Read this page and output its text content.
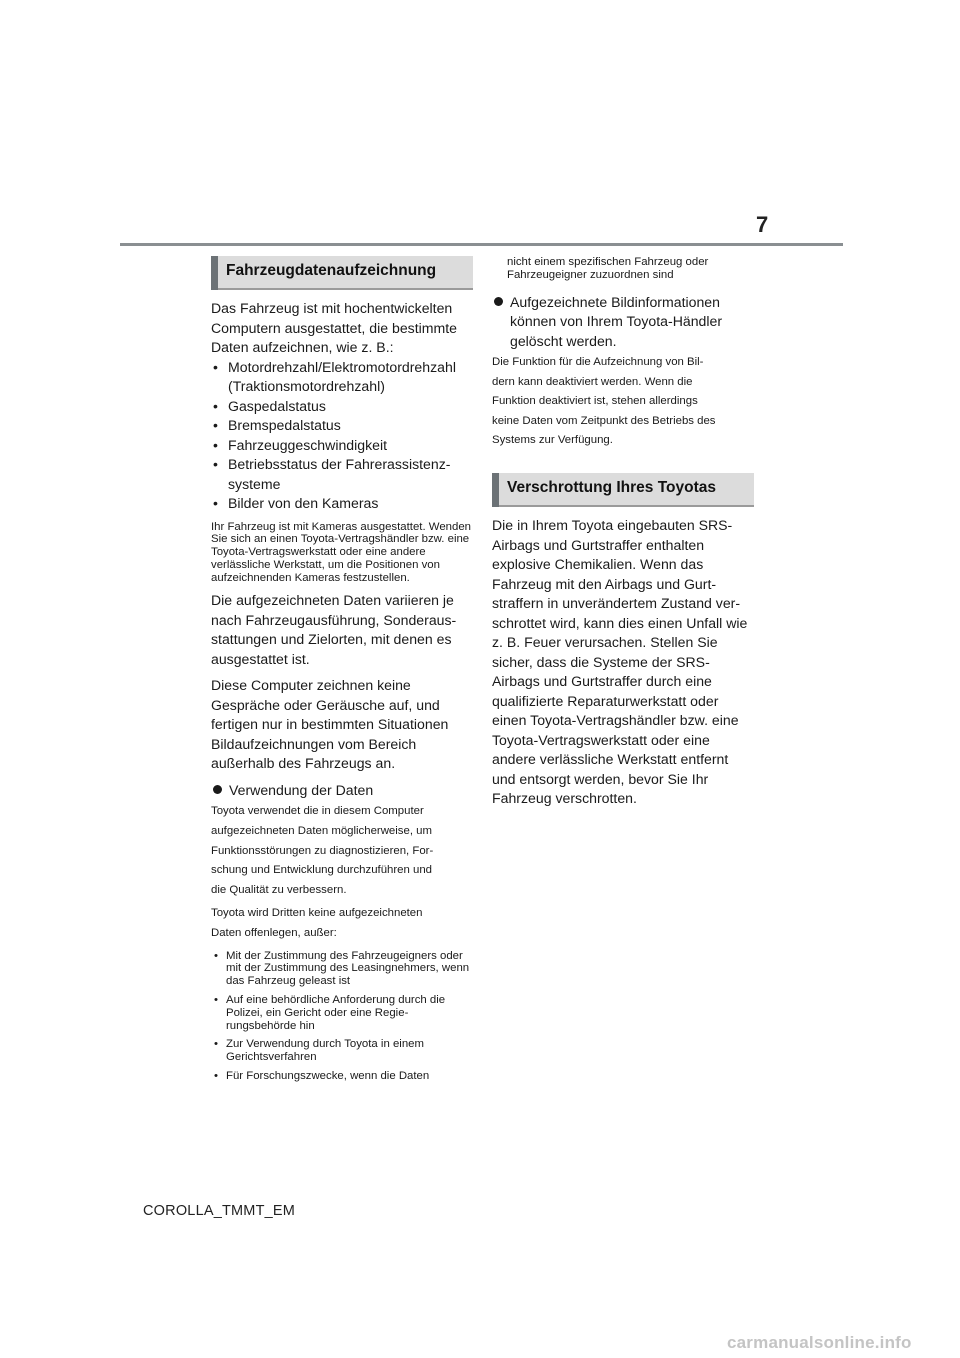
7
Fahrzeugdatenaufzeichnung

Das Fahrzeug ist mit hochentwickelten Computern ausgestattet, die bestimmte Daten aufzeichnen, wie z. B.:

• Motordrehzahl/Elektromotordrehzahl (Traktionsmotordrehzahl)
• Gaspedalstatus
• Bremspedalstatus
• Fahrzeuggeschwindigkeit
• Betriebsstatus der Fahrerassistenzsysteme
• Bilder von den Kameras

Ihr Fahrzeug ist mit Kameras ausgestattet. Wenden Sie sich an einen Toyota-Vertragshändler bzw. eine Toyota-Vertragswerkstatt oder eine andere verlässliche Werkstatt, um die Positionen von aufzeichnenden Kameras festzustellen.

Die aufgezeichneten Daten variieren je nach Fahrzeugausführung, Sonderausstattungen und Zielorten, mit denen es ausgestattet ist.

Diese Computer zeichnen keine Gespräche oder Geräusche auf, und fertigen nur in bestimmten Situationen Bildaufzeichnungen vom Bereich außerhalb des Fahrzeugs an.

Verwendung der Daten
Toyota verwendet die in diesem Computer
aufgezeichneten Daten möglicherweise, um
Funktionsstörungen zu diagnostizieren, For-
schung und Entwicklung durchzuführen und
die Qualität zu verbessern.
Toyota wird Dritten keine aufgezeichneten
Daten offenlegen, außer:
• Mit der Zustimmung des Fahrzeugeigners oder mit der Zustimmung des Leasingnehmers, wenn das Fahrzeug geleast ist
• Auf eine behördliche Anforderung durch die Polizei, ein Gericht oder eine Regierungsbehörde hin
• Zur Verwendung durch Toyota in einem Gerichtsverfahren
• Für Forschungszwecke, wenn die Daten

nicht einem spezifischen Fahrzeug oder Fahrzeugeigner zuzuordnen sind

Aufgezeichnete Bildinformationen können von Ihrem Toyota-Händler gelöscht werden.
Die Funktion für die Aufzeichnung von Bil-
dern kann deaktiviert werden. Wenn die
Funktion deaktiviert ist, stehen allerdings
keine Daten vom Zeitpunkt des Betriebs des
Systems zur Verfügung.
Verschrottung Ihres Toyotas

Die in Ihrem Toyota eingebauten SRS-Airbags und Gurtstraffer enthalten explosive Chemikalien. Wenn das Fahrzeug mit den Airbags und Gurtstraffern in unverändertem Zustand verschrottet wird, kann dies einen Unfall wie z. B. Feuer verursachen. Stellen Sie sicher, dass die Systeme der SRS-Airbags und Gurtstraffer durch eine qualifizierte Reparaturwerkstatt oder einen Toyota-Vertragshändler bzw. eine Toyota-Vertragswerkstatt oder eine andere verlässliche Werkstatt entfernt und entsorgt werden, bevor Sie Ihr Fahrzeug verschrotten.

COROLLA_TMMT_EM
carmanualsonline.info
